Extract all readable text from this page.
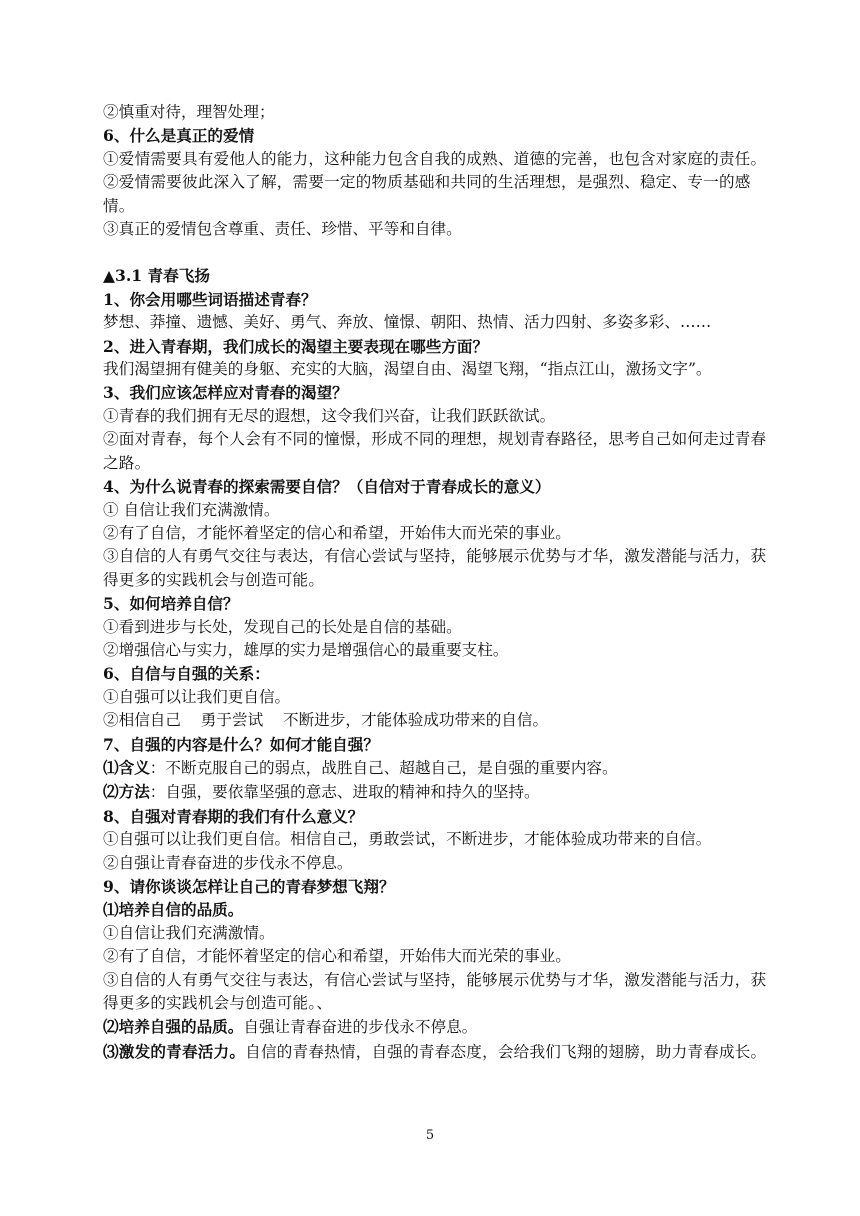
②慎重对待，理智处理；
6、什么是真正的爱情
①爱情需要具有爱他人的能力，这种能力包含自我的成熟、道德的完善，也包含对家庭的责任。
②爱情需要彼此深入了解，需要一定的物质基础和共同的生活理想，是强烈、稳定、专一的感情。
③真正的爱情包含尊重、责任、珍惜、平等和自律。
▲3.1 青春飞扬
1、你会用哪些词语描述青春？
梦想、莽撞、遗憾、美好、勇气、奔放、憧憬、朝阳、热情、活力四射、多姿多彩、……
2、进入青春期，我们成长的渴望主要表现在哪些方面？
我们渴望拥有健美的身躯、充实的大脑，渴望自由、渴望飞翔，“指点江山，激扬文字”。
3、我们应该怎样应对青春的渴望？
①青春的我们拥有无尽的遐想，这令我们兴奋，让我们跃跃欲试。
②面对青春，每个人会有不同的憧憬，形成不同的理想，规划青春路径，思考自己如何走过青春之路。
4、为什么说青春的探索需要自信？（自信对于青春成长的意义）
① 自信让我们充满激情。
②有了自信，才能怀着坚定的信心和希望，开始伟大而光荣的事业。
③自信的人有勇气交往与表达，有信心尝试与坚持，能够展示优势与才华，激发潜能与活力，获得更多的实践机会与创造可能。
5、如何培养自信？
①看到进步与长处，发现自己的长处是自信的基础。
②增强信心与实力，雄厚的实力是增强信心的最重要支柱。
6、自信与自强的关系：
①自强可以让我们更自信。
②相信自己    勇于尝试    不断进步，才能体验成功带来的自信。
7、自强的内容是什么？如何才能自强？
⑴含义：不断克服自己的弱点，战胜自己、超越自己，是自强的重要内容。
⑵方法：自强，要依靠坚强的意志、进取的精神和持久的坚持。
8、自强对青春期的我们有什么意义？
①自强可以让我们更自信。相信自己，勇敢尝试，不断进步，才能体验成功带来的自信。
②自强让青春奋进的步伐永不停息。
9、请你谈谈怎样让自己的青春梦想飞翔？
⑴培养自信的品质。
①自信让我们充满激情。
②有了自信，才能怀着坚定的信心和希望，开始伟大而光荣的事业。
③自信的人有勇气交往与表达，有信心尝试与坚持，能够展示优势与才华，激发潜能与活力，获得更多的实践机会与创造可能。、
⑵培养自强的品质。自强让青春奋进的步伐永不停息。
⑶激发的青春活力。自信的青春热情，自强的青春态度，会给我们飞翔的翅膀，助力青春成长。
5
